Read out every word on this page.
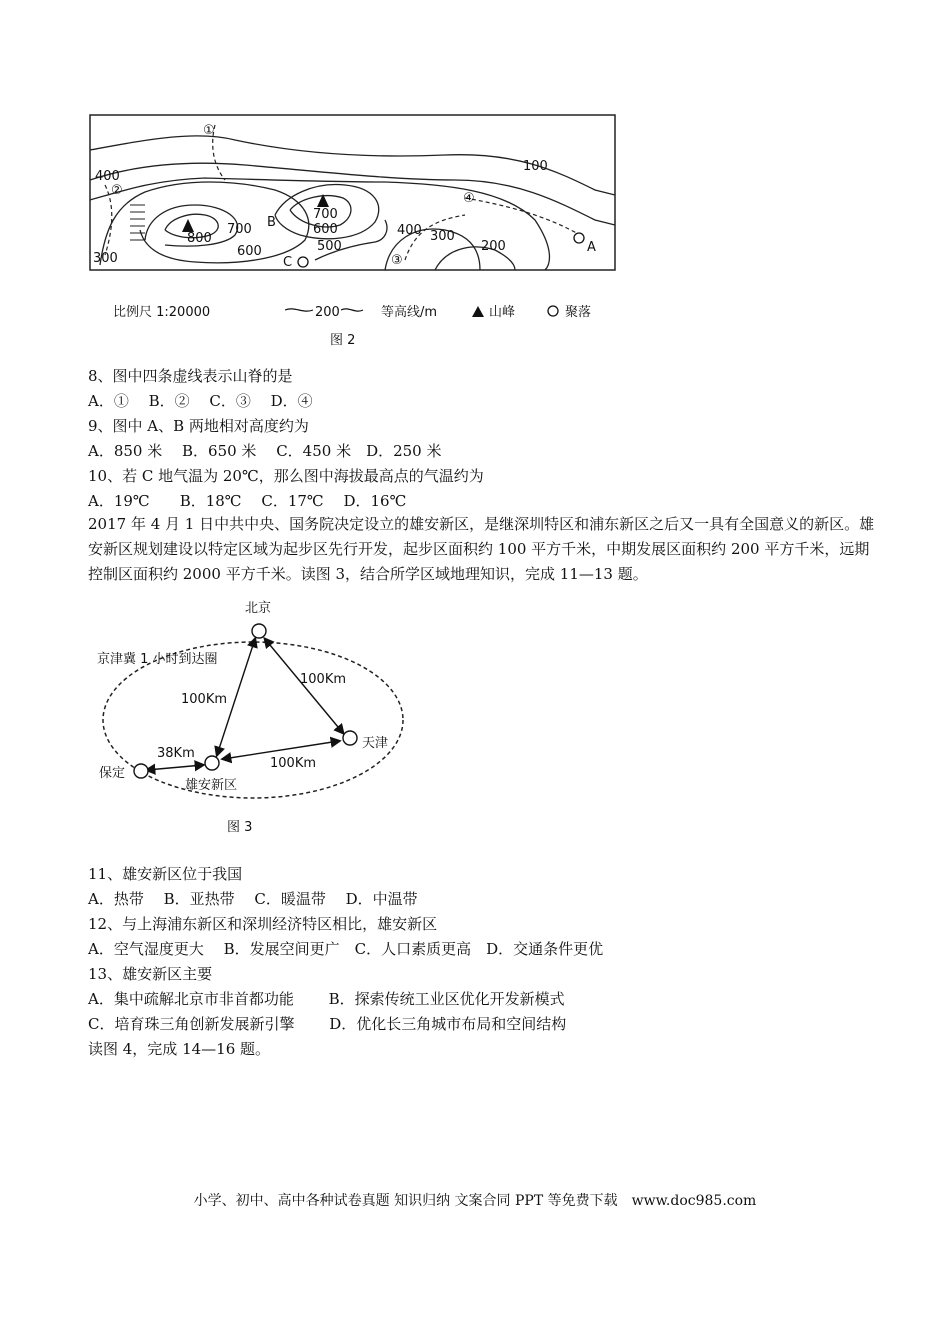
100
400
700
700
800
600
600
500
400 300
200
300
B
C
A
①
②
③
④
比例尺 1:20000	200	等高线/m	山峰	聚落
图 2
8、图中四条虚线表示山脊的是
A．①　 B．②　 C．③　 D．④
9、图中 A、B 两地相对高度约为
A．850 米　 B．650 米　 C．450 米　D．250 米
10、若 C 地气温为 20℃，那么图中海拔最高点的气温约为
A．19℃　　B．18℃　 C．17℃　 D．16℃
2017 年 4 月 1 日中共中央、国务院决定设立的雄安新区，是继深圳特区和浦东新区之后又一具有全国意义的新区。雄安新区规划建设以特定区域为起步区先行开发，起步区面积约 100 平方千米，中期发展区面积约 200 平方千米，远期控制区面积约 2000 平方千米。读图 3，结合所学区域地理知识，完成 11—13 题。
北京
京津冀 1 小时到达圈
100Km
100Km
天津
38Km
100Km
保定
雄安新区
图 3
11、雄安新区位于我国
A．热带　 B．亚热带　 C．暖温带　 D．中温带
12、与上海浦东新区和深圳经济特区相比，雄安新区
A．空气湿度更大　 B．发展空间更广　C．人口素质更高　D．交通条件更优
13、雄安新区主要
A．集中疏解北京市非首都功能　　 B．探索传统工业区优化开发新模式
C．培育珠三角创新发展新引擎　　 D．优化长三角城市布局和空间结构
读图 4，完成 14—16 题。
小学、初中、高中各种试卷真题 知识归纳 文案合同 PPT 等免费下载　www.doc985.com
